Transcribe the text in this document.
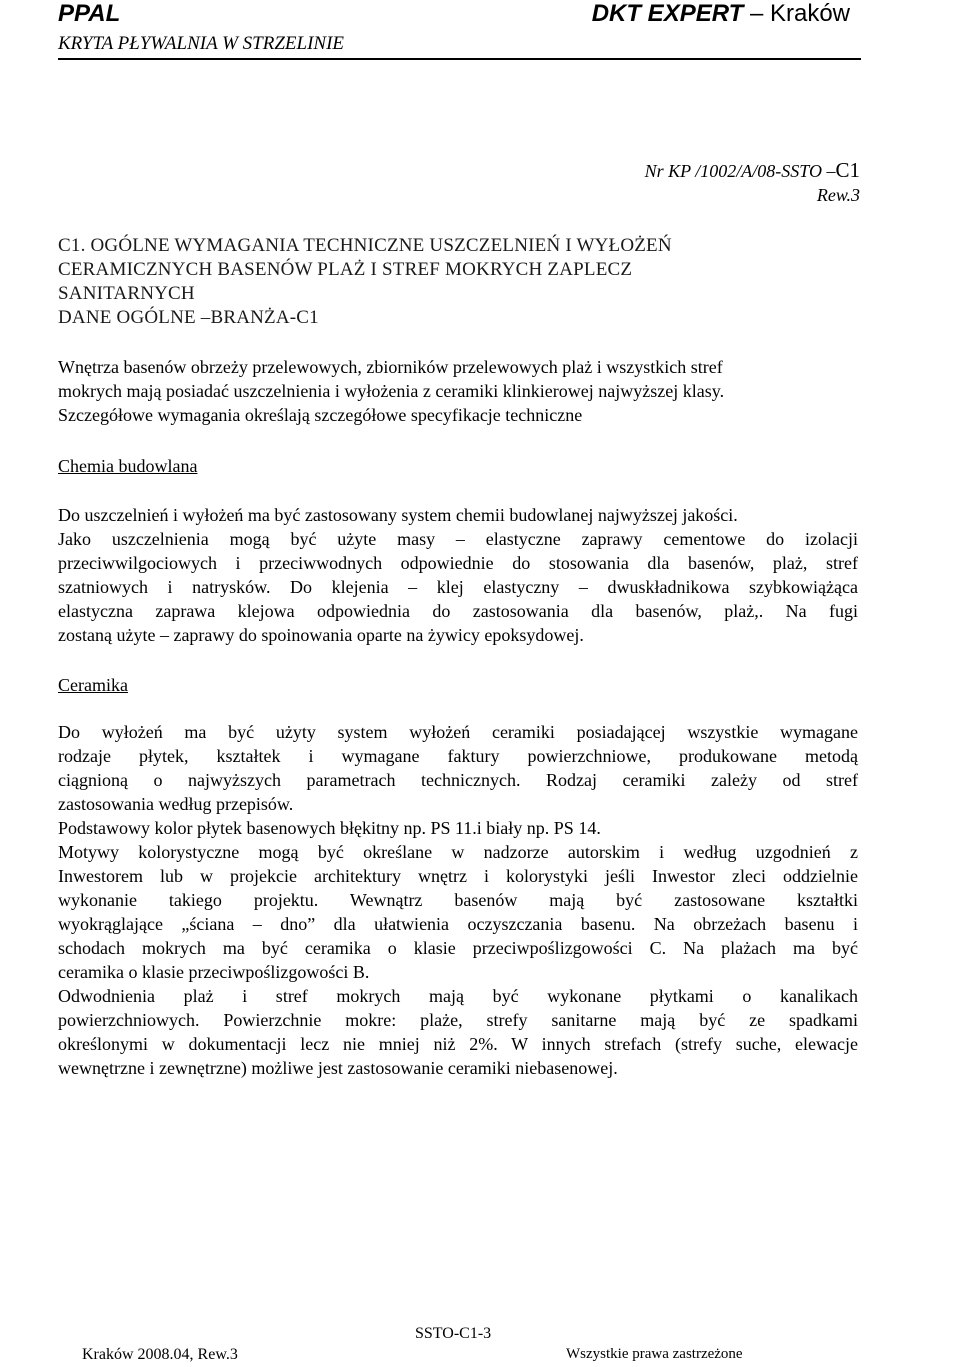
PPAL	DKT EXPERT – Kraków
KRYTA PŁYWALNIA W STRZELINIE
Nr KP /1002/A/08-SSTO –C1
Rew.3
C1. OGÓLNE WYMAGANIA TECHNICZNE USZCZELNIEŃ I WYŁOŻEŃ
CERAMICZNYCH BASENÓW PLAŻ I STREF MOKRYCH ZAPLECZ
SANITARNYCH
DANE OGÓLNE –BRANŻA-C1
Wnętrza basenów obrzeży przelewowych, zbiorników przelewowych plaż i wszystkich stref
mokrych mają posiadać uszczelnienia i wyłożenia z ceramiki klinkierowej najwyższej klasy.
Szczegółowe wymagania określają szczegółowe specyfikacje techniczne
Chemia budowlana
Do uszczelnień i wyłożeń ma być zastosowany system chemii budowlanej najwyższej jakości.
Jako uszczelnienia mogą być użyte masy – elastyczne zaprawy cementowe do izolacji
przeciwwilgociowych i przeciwwodnych odpowiednie do stosowania dla basenów, plaż, stref
szatniowych i natrysków. Do klejenia – klej elastyczny – dwuskładnikowa szybkowiążąca
elastyczna zaprawa klejowa odpowiednia do zastosowania dla basenów, plaż,. Na fugi
zostaną użyte – zaprawy do spoinowania oparte na żywicy epoksydowej.
Ceramika
Do wyłożeń ma być użyty system wyłożeń ceramiki posiadającej wszystkie wymagane
rodzaje płytek, kształtek i wymagane faktury powierzchniowe, produkowane metodą
ciągnioną o najwyższych parametrach technicznych. Rodzaj ceramiki zależy od stref
zastosowania według przepisów.
Podstawowy kolor płytek basenowych błękitny np. PS 11.i biały np. PS 14.
Motywy kolorystyczne mogą być określane w nadzorze autorskim i według uzgodnień z
Inwestorem lub w projekcie architektury wnętrz i kolorystyki jeśli Inwestor zleci oddzielnie
wykonanie takiego projektu. Wewnątrz basenów mają być zastosowane kształtki
wyokrąglające „ściana – dno” dla ułatwienia oczyszczania basenu. Na obrzeżach basenu i
schodach mokrych ma być ceramika o klasie przeciwpoślizgowości C. Na plażach ma być
ceramika o klasie przeciwpoślizgowości B.
Odwodnienia plaż i stref mokrych mają być wykonane płytkami o kanalikach
powierzchniowych. Powierzchnie mokre: plaże, strefy sanitarne mają być ze spadkami
określonymi w dokumentacji lecz nie mniej niż 2%. W innych strefach (strefy suche, elewacje
wewnętrzne i zewnętrzne) możliwe jest zastosowanie ceramiki niebasenowej.
SSTO-C1-3
Kraków 2008.04, Rew.3	Wszystkie prawa zastrzeżone
